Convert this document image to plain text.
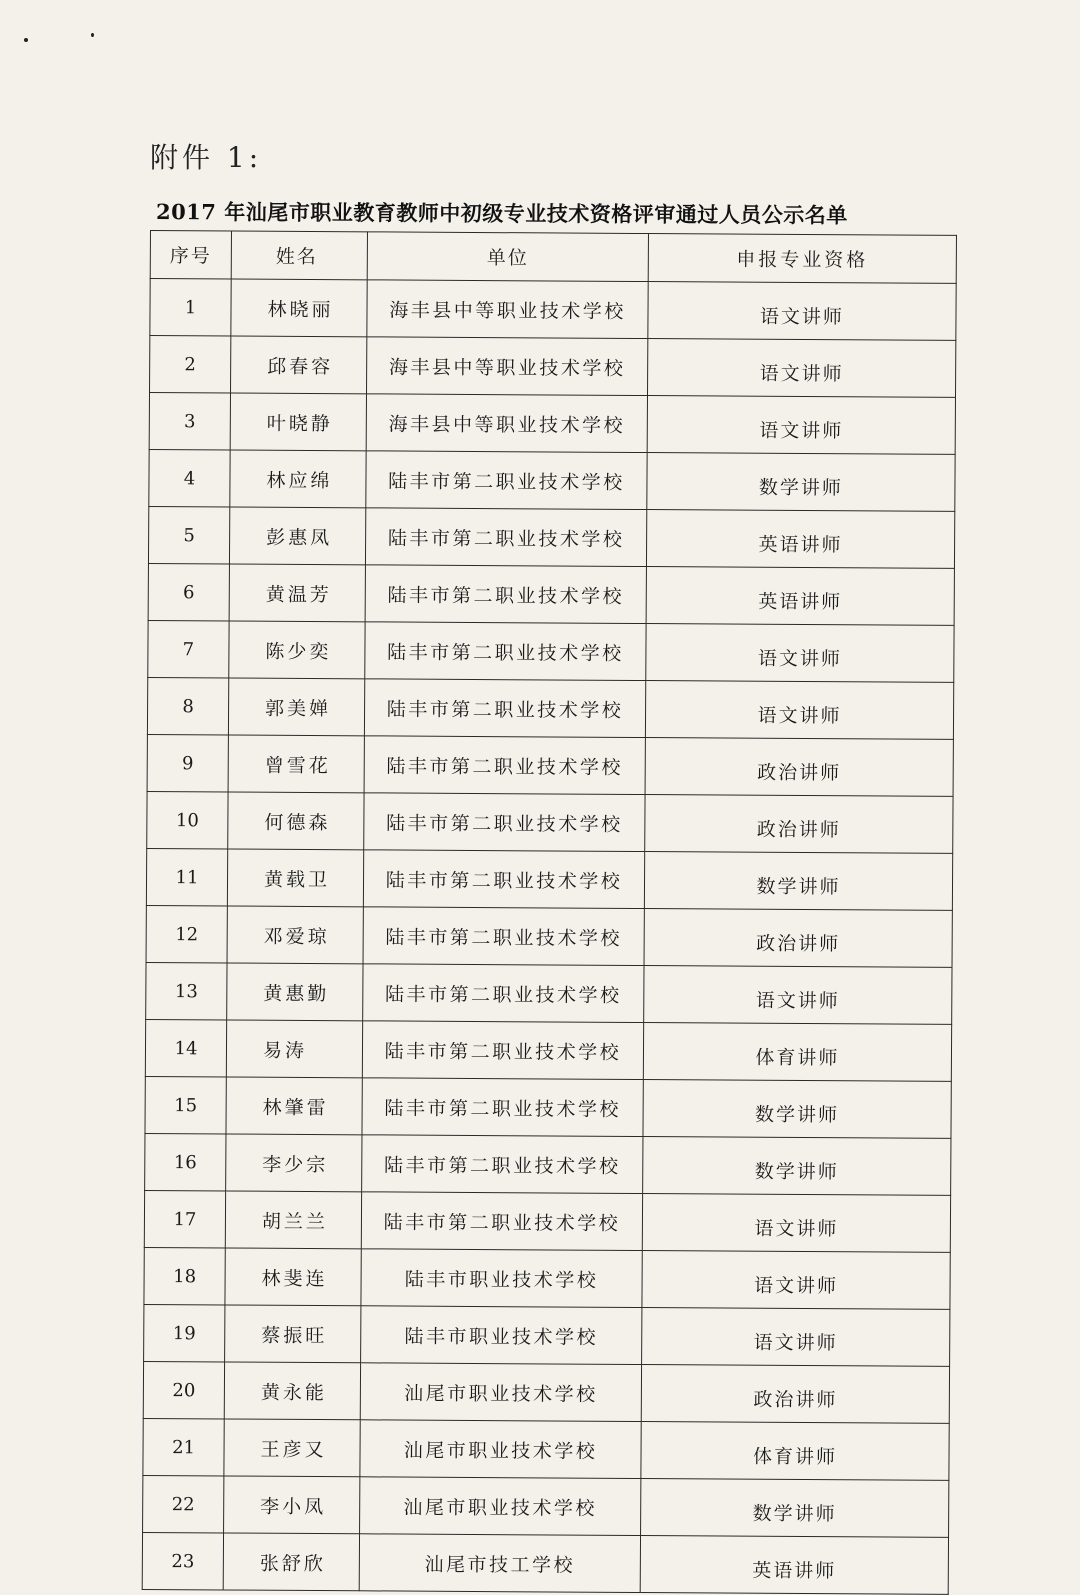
附件 1:
2017 年汕尾市职业教育教师中初级专业技术资格评审通过人员公示名单
序号	姓名	单位	申报专业资格
1	林晓丽	海丰县中等职业技术学校	语文讲师
2	邱春容	海丰县中等职业技术学校	语文讲师
3	叶晓静	海丰县中等职业技术学校	语文讲师
4	林应绵	陆丰市第二职业技术学校	数学讲师
5	彭惠凤	陆丰市第二职业技术学校	英语讲师
6	黄温芳	陆丰市第二职业技术学校	英语讲师
7	陈少奕	陆丰市第二职业技术学校	语文讲师
8	郭美婵	陆丰市第二职业技术学校	语文讲师
9	曾雪花	陆丰市第二职业技术学校	政治讲师
10	何德森	陆丰市第二职业技术学校	政治讲师
11	黄载卫	陆丰市第二职业技术学校	数学讲师
12	邓爱琼	陆丰市第二职业技术学校	政治讲师
13	黄惠勤	陆丰市第二职业技术学校	语文讲师
14	易涛	陆丰市第二职业技术学校	体育讲师
15	林肇雷	陆丰市第二职业技术学校	数学讲师
16	李少宗	陆丰市第二职业技术学校	数学讲师
17	胡兰兰	陆丰市第二职业技术学校	语文讲师
18	林斐连	陆丰市职业技术学校	语文讲师
19	蔡振旺	陆丰市职业技术学校	语文讲师
20	黄永能	汕尾市职业技术学校	政治讲师
21	王彦又	汕尾市职业技术学校	体育讲师
22	李小凤	汕尾市职业技术学校	数学讲师
23	张舒欣	汕尾市技工学校	英语讲师
